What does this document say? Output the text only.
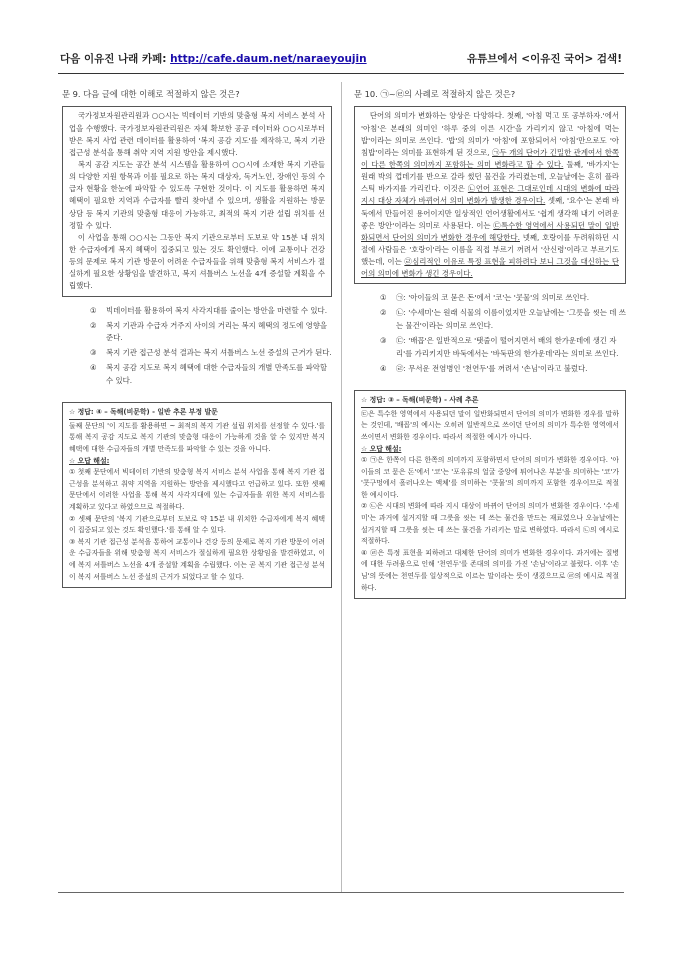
다음 이유진 나래 카페: http://cafe.daum.net/naraeyoujin	유튜브에서 <이유진 국어> 검색!
문 9. 다음 글에 대한 이해로 적절하지 않은 것은?

국가정보자원관리원과 ○○시는 빅데이터 기반의 맞춤형 복지 서비스 분석 사업을 수행했다. 국가정보자원관리원은 자체 확보한 공공 데이터와 ○○시로부터 받은 복지 사업 관련 데이터를 활용하여 '복지 공감 지도'를 제작하고, 복지 기관 접근성 분석을 통해 취약 지역 지원 방안을 제시했다.

복지 공감 지도는 공간 분석 시스템을 활용하여 ○○시에 소재한 복지 기관들의 다양한 지원 항목과 이를 필요로 하는 복지 대상자, 독거노인, 장애인 등의 수급자 현황을 한눈에 파악할 수 있도록 구현한 것이다. 이 지도를 활용하면 복지 혜택이 필요한 지역과 수급자를 빨리 찾아낼 수 있으며, 생활을 지원하는 방문 상담 등 복지 기관의 맞춤형 대응이 가능하고, 최적의 복지 기관 설립 위치를 선정할 수 있다.

이 사업을 통해 ○○시는 그동안 복지 기관으로부터 도보로 약 15분 내 위치한 수급자에게 복지 혜택이 집중되고 있는 것도 확인했다. 이에 교통이나 건강 등의 문제로 복지 기관 방문이 어려운 수급자들을 위해 맞춤형 복지 서비스가 절실하게 필요한 상황임을 발견하고, 복지 셔틀버스 노선을 4개 증설할 계획을 수립했다.

①	빅데이터를 활용하여 복지 사각지대를 줄이는 방안을 마련할 수 있다.
②	복지 기관과 수급자 거주지 사이의 거리는 복지 혜택의 정도에 영향을 준다.
③	복지 기관 접근성 분석 결과는 복지 셔틀버스 노선 증설의 근거가 된다.
④	복지 공감 지도로 복지 혜택에 대한 수급자들의 개별 만족도를 파악할 수 있다.
☆ 정답: ④ – 독해(비문학) - 일반 추론 부정 발문

둘째 문단의 '이 지도를 활용하면 ~ 최적의 복지 기관 설립 위치를 선정할 수 있다.'를 통해 복지 공감 지도로 복지 기관의 맞춤형 대응이 가능하게 것을 알 수 있지만 복지 혜택에 대한 수급자들의 개별 만족도를 파악할 수 있는 것을 아니다.

☆ 오답 해설:

① 첫째 문단에서 빅데이터 기반의 맞춤형 복지 서비스 분석 사업을 통해 복지 기관 접근성을 분석하고 취약 지역을 지원하는 방안을 제시했다고 언급하고 있다. 또한 셋째 문단에서 이러한 사업을 통해 복지 사각지대에 있는 수급자들을 위한 복지 서비스를 계획하고 있다고 하였으므로 적절하다.

② 셋째 문단의 '복지 기관으로부터 도보로 약 15분 내 위치한 수급자에게 복지 혜택이 집중되고 있는 것도 확인했다.'를 통해 알 수 있다.

③ 복지 기관 접근성 분석을 통하여 교통이나 건강 등의 문제로 복지 기관 방문이 어려운 수급자들을 위해 맞춤형 복지 서비스가 절실하게 필요한 상황임을 발견하였고, 이에 복지 셔틀버스 노선을 4개 증설할 계획을 수립했다. 이는 곧 복지 기관 접근성 분석이 복지 셔틀버스 노선 증설의 근거가 되었다고 할 수 있다.

문 10. ㉠~㉣의 사례로 적절하지 않은 것은?

단어의 의미가 변화하는 양상은 다양하다. 첫째, '아침 먹고 또 공부하자.'에서 '아침'은 본래의 의미인 '하루 중의 이른 시간'을 가리키지 않고 '아침에 먹는 밥'이라는 의미로 쓰인다. '밥'의 의미가 '아침'에 포함되어서 '아침'만으로도 '아침밥'이라는 의미를 표현하게 된 것으로, ㉠두 개의 단어가 긴밀한 관계여서 한쪽이 다른 한쪽의 의미까지 포함하는 의미 변화라고 할 수 있다. 둘째, '바가지'는 원래 박의 껍데기를 반으로 갈라 썼던 물건을 가리켰는데, 오늘날에는 흔히 플라스틱 바가지를 가리킨다. 이것은 ㉡언어 표현은 그대로인데 시대의 변화에 따라 지시 대상 자체가 바뀌어서 의미 변화가 발생한 경우이다. 셋째, '요수'는 본래 바둑에서 만들어진 용어이지만 일상적인 언어생활에서도 '쉽게 생각해 내기 어려운 좋은 방안'이라는 의미로 사용된다. 이는 ㉢특수한 영역에서 사용되던 말이 일반화되면서 단어의 의미가 변화한 경우에 해당한다. 넷째, 호랑이를 두려워하던 시절에 사람들은 '호랑이'라는 이름을 직접 부르기 꺼려서 '산신령'이라고 부르기도 했는데, 이는 ㉣심리적인 이유로 특정 표현을 피하려다 보니 그것을 대신하는 단어의 의미에 변화가 생긴 경우이다.

①	㉠: '아이들의 코 묻은 돈'에서 '코'는 '콧물'의 의미로 쓰인다.
②	㉡: '수세미'는 원래 식물의 이름이었지만 오늘날에는 '그릇을 씻는 데 쓰는 물건'이라는 의미로 쓰인다.
③	㉢: '배꼽'은 일반적으로 '탯줄이 떨어지면서 배의 한가운데에 생긴 자리'를 가리키지만 바둑에서는 '바둑판의 한가운데'라는 의미로 쓰인다.
④	㉣: 무서운 전염병인 '천연두'를 꺼려서 '손님'이라고 불렀다.
☆ 정답: ③ – 독해(비문학) - 사례 추론

㉢은 특수한 영역에서 사용되던 말이 일반화되면서 단어의 의미가 변화한 경우를 말하는 것인데, '배꼽'의 예시는 오히려 일반적으로 쓰이던 단어의 의미가 특수한 영역에서 쓰이면서 변화한 경우이다. 따라서 적절한 예시가 아니다.

☆ 오답 해설:

① ㉠은 한쪽이 다른 한쪽의 의미까지 포함하면서 단어의 의미가 변화한 경우이다. '아이들의 코 묻은 돈'에서 '코'는 '포유류의 얼굴 중앙에 튀어나온 부분'을 의미하는 '코'가 '콧구멍에서 흘러나오는 액체'를 의미하는 '콧물'의 의미까지 포함한 경우이므로 적절한 예시이다.

② ㉡은 시대의 변화에 따라 지시 대상이 바뀌어 단어의 의미가 변화한 경우이다. '수세미'는 과거에 설거지할 때 그릇을 씻는 데 쓰는 물건을 만드는 재료였으나 오늘날에는 설거지할 때 그릇을 씻는 데 쓰는 물건을 가리키는 말로 변하였다. 따라서 ㉡의 예시로 적절하다.

④ ㉣은 특정 표현을 피하려고 대체한 단어의 의미가 변화한 경우이다. 과거에는 질병에 대한 두려움으로 인해 '천연두'를 존대의 의미를 가진 '손님'이라고 불렀다. 이후 '손님'의 뜻에는 천연두를 일상적으로 이르는 말이라는 뜻이 생겼으므로 ㉣의 예시로 적절하다.
